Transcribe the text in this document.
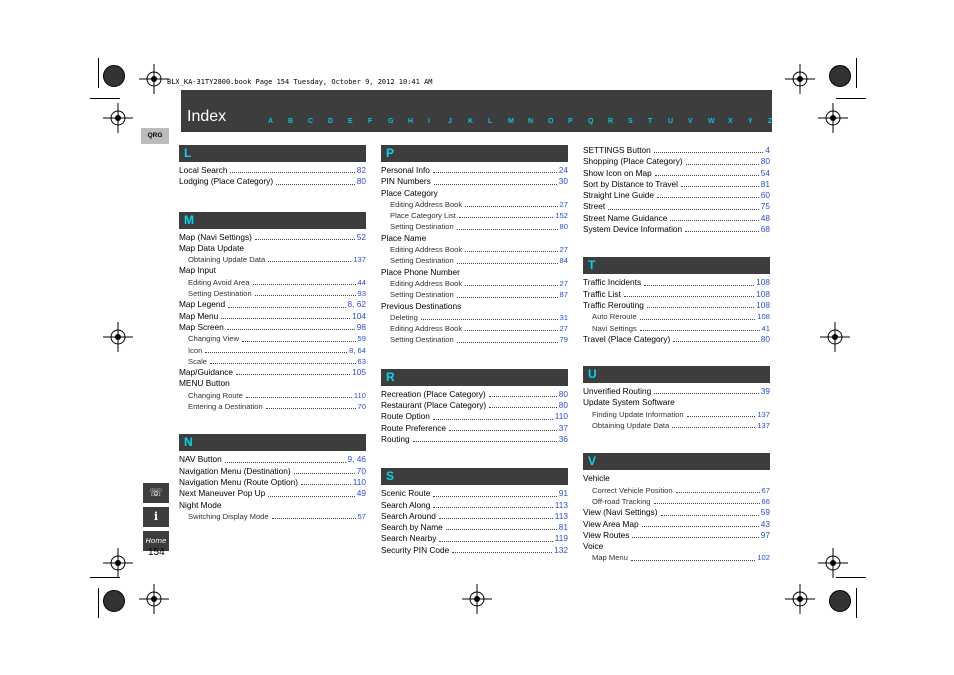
BLX_KA-31TY2800.book Page 154 Tuesday, October 9, 2012 10:41 AM
Index	A B C D E F G H I	J K L M N O P Q R S T U V W X Y Z
QRG
☏
i
Home
154
L
Local Search	82
Lodging (Place Category)	80
M
Map (Navi Settings)	52
Map Data Update
Obtaining Update Data	137
Map Input
Editing Avoid Area	44
Setting Destination	93
Map Legend	8, 62
Map Menu	104
Map Screen	98
Changing View	59
Icon	8, 64
Scale	63
Map/Guidance	105
MENU Button
Changing Route	110
Entering a Destination	70
N
NAV Button	9, 46
Navigation Menu (Destination)	70
Navigation Menu (Route Option)	110
Next Maneuver Pop Up	49
Night Mode
Switching Display Mode	57
P
Personal Info	24
PIN Numbers	30
Place Category
Editing Address Book	27
Place Category List	152
Setting Destination	80
Place Name
Editing Address Book	27
Setting Destination	84
Place Phone Number
Editing Address Book	27
Setting Destination	87
Previous Destinations
Deleting	31
Editing Address Book	27
Setting Destination	79
R
Recreation (Place Category)	80
Restaurant (Place Category)	80
Route Option	110
Route Preference	37
Routing	36
S
Scenic Route	91
Search Along	113
Search Around	113
Search by Name	81
Search Nearby	119
Security PIN Code	132
SETTINGS Button	4
Shopping (Place Category)	80
Show Icon on Map	54
Sort by Distance to Travel	81
Straight Line Guide	60
Street	75
Street Name Guidance	48
System Device Information	68
T
Traffic Incidents	108
Traffic List	108
Traffic Rerouting	108
Auto Reroute	108
Navi Settings	41
Travel (Place Category)	80
U
Unverified Routing	39
Update System Software
Finding Update Information	137
Obtaining Update Data	137
V
Vehicle
Correct Vehicle Position	67
Off-road Tracking	66
View (Navi Settings)	59
View Area Map	43
View Routes	97
Voice
Map Menu	102
